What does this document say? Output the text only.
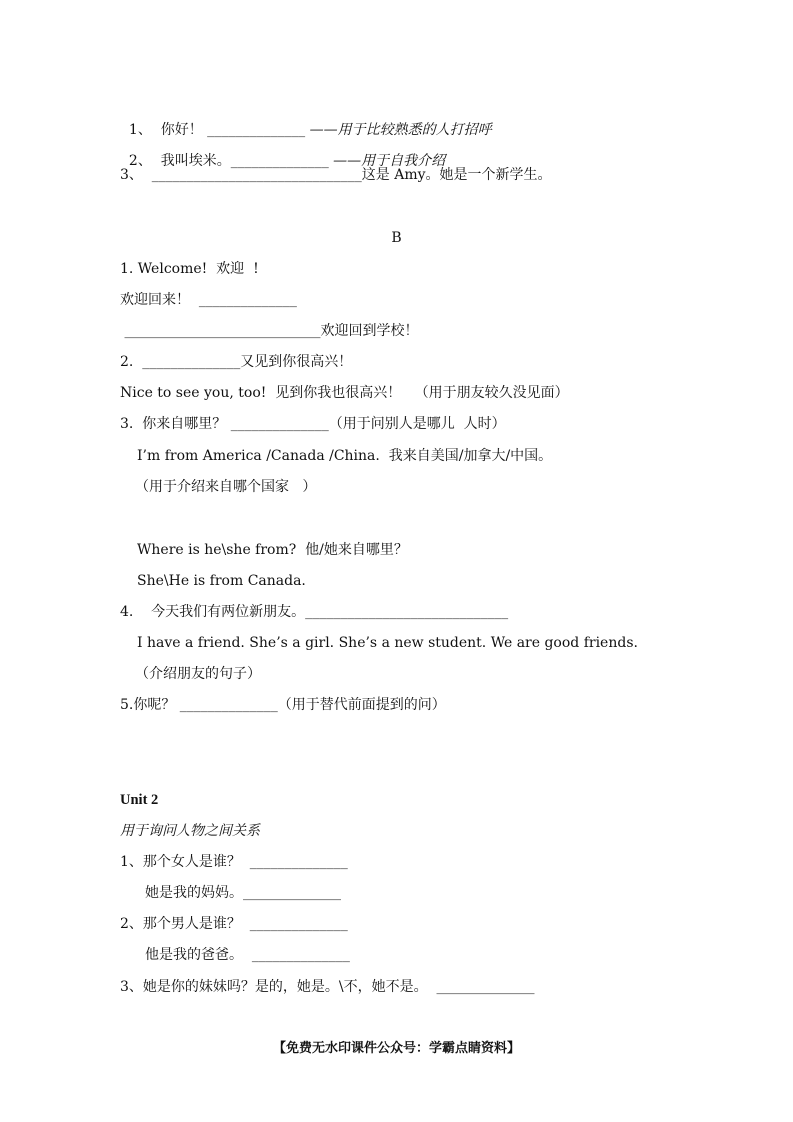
1、  你好！ ______________ ——用于比较熟悉的人打招呼

2、  我叫埃米。______________ ——用于自我介绍

3、  ______________________________这是 Amy。她是一个新学生。
B
1. Welcome!  欢迎  !
欢迎回来！  ______________
____________________________欢迎回到学校！
2.  ______________又见到你很高兴！
Nice to see you, too!  见到你我也很高兴！   （用于朋友较久没见面）
3.  你来自哪里？ ______________（用于问别人是哪儿  人时）
I’m from America /Canada /China.  我来自美国/加拿大/中国。
（用于介绍来自哪个国家   ）
Where is he\she from?  他/她来自哪里？
She\He is from Canada.
4.    今天我们有两位新朋友。_____________________________
I have a friend. She’s a girl. She’s a new student. We are good friends.
（介绍朋友的句子）
5.你呢？ ______________（用于替代前面提到的问）
Unit 2
用于询问人物之间关系
1、那个女人是谁？  ______________
她是我的妈妈。______________
2、那个男人是谁？  ______________
他是我的爸爸。  ______________
3、她是你的妹妹吗？是的，她是。\不，她不是。  ______________
【免费无水印课件公众号：学霸点睛资料】
